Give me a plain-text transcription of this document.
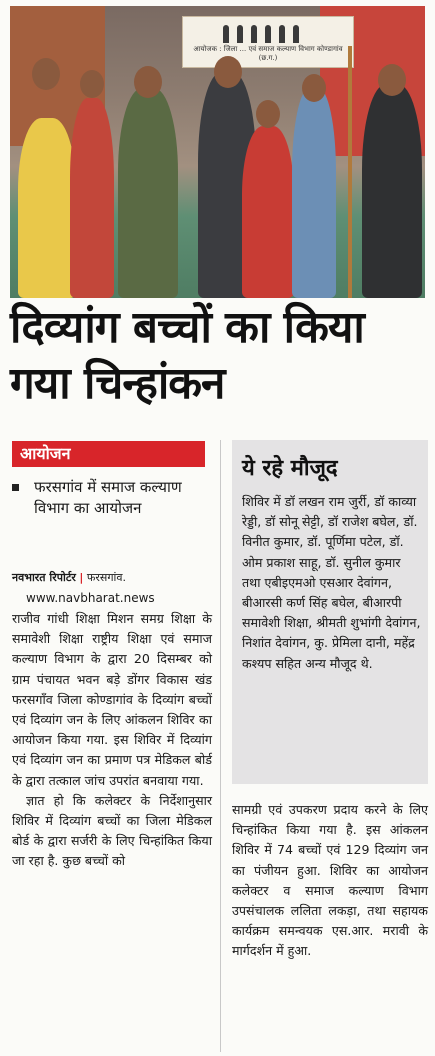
आयोजक : जिला ... एवं समाज कल्याण विभाग कोण्डागांव (छ.ग.)
दिव्यांग बच्चों का किया
गया चिन्हांकन
आयोजन
फरसगांव में समाज कल्याण विभाग का आयोजन
नवभारत रिपोर्टर | फरसगांव.
www.navbharat.news

राजीव गांधी शिक्षा मिशन समग्र शिक्षा के समावेशी शिक्षा राष्ट्रीय शिक्षा एवं समाज कल्याण विभाग के द्वारा 20 दिसम्बर को ग्राम पंचायत भवन बड़े डोंगर विकास खंड फरसगाँव जिला कोण्डागांव के दिव्यांग बच्चों एवं दिव्यांग जन के लिए आंकलन शिविर का आयोजन किया गया. इस शिविर में दिव्यांग एवं दिव्यांग जन का प्रमाण पत्र मेडिकल बोर्ड के द्वारा तत्काल जांच उपरांत बनवाया गया.

ज्ञात हो कि कलेक्टर के निर्देशानुसार शिविर में दिव्यांग बच्चों का जिला मेडिकल बोर्ड के द्वारा सर्जरी के लिए चिन्हांकित किया जा रहा है. कुछ बच्चों को

ये रहे मौजूद
शिविर में डॉ लखन राम जुर्री, डॉ काव्या रेड्डी, डॉ सोनू सेट्टी, डॉ राजेश बघेल, डॉ. विनीत कुमार, डॉ. पूर्णिमा पटेल, डॉ. ओम प्रकाश साहू, डॉ. सुनील कुमार तथा एबीइएमओ एसआर देवांगन, बीआरसी कर्ण सिंह बघेल, बीआरपी समावेशी शिक्षा, श्रीमती शुभांगी देवांगन, निशांत देवांगन, कु. प्रेमिला दानी, महेंद्र कश्यप सहित अन्य मौजूद थे.

सामग्री एवं उपकरण प्रदाय करने के लिए चिन्हांकित किया गया है. इस आंकलन शिविर में 74 बच्चों एवं 129 दिव्यांग जन का पंजीयन हुआ. शिविर का आयोजन कलेक्टर व समाज कल्याण विभाग उपसंचालक ललिता लकड़ा, तथा सहायक कार्यक्रम समन्वयक एस.आर. मरावी के मार्गदर्शन में हुआ.
